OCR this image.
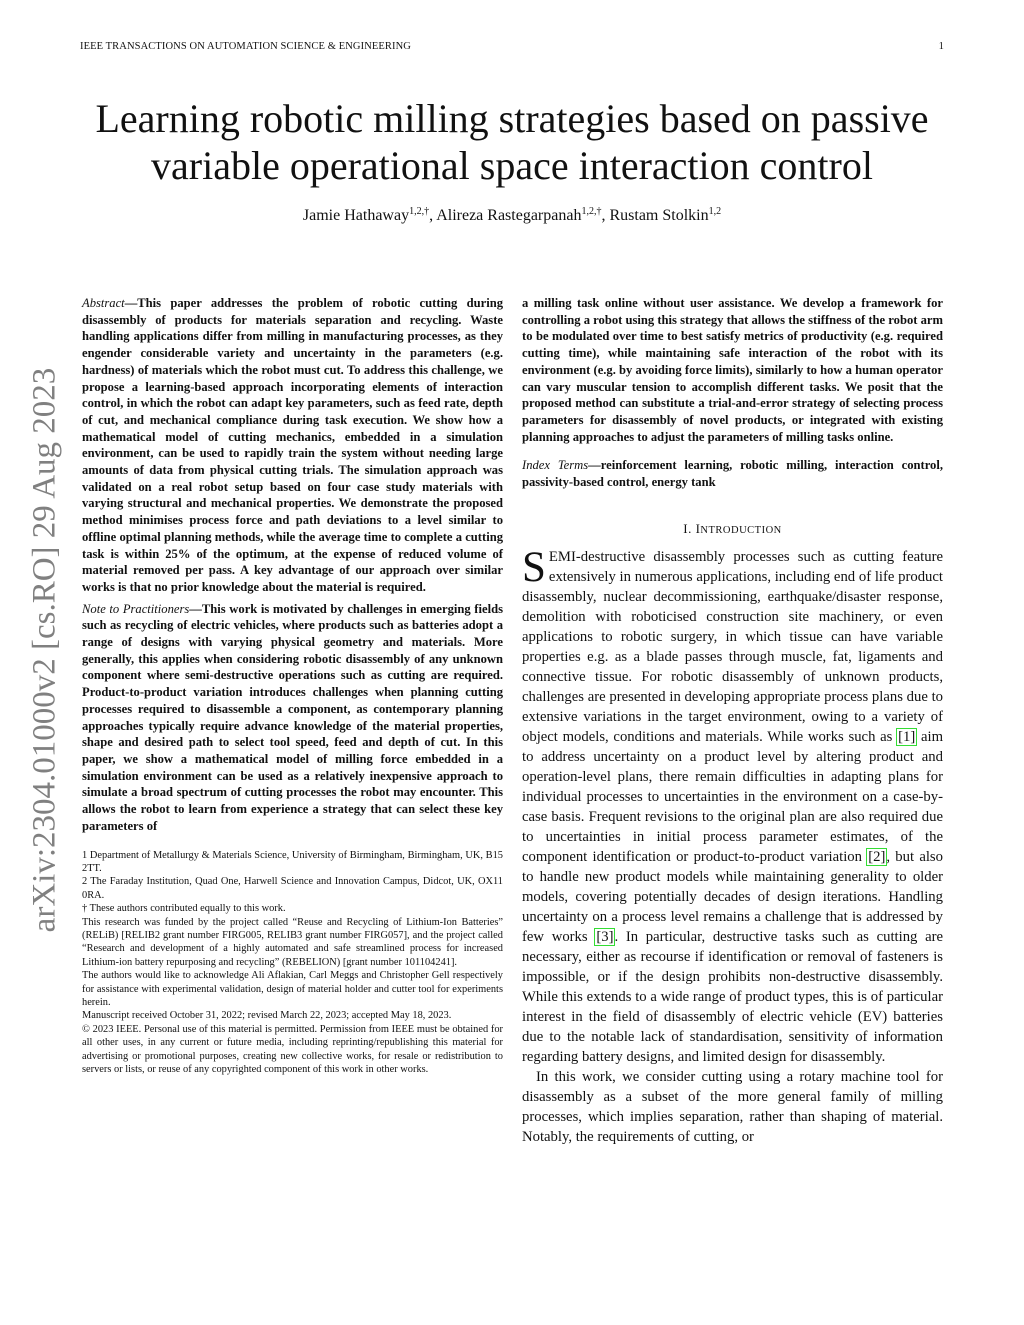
IEEE TRANSACTIONS ON AUTOMATION SCIENCE & ENGINEERING	1
arXiv:2304.01000v2 [cs.RO] 29 Aug 2023
Learning robotic milling strategies based on passive
variable operational space interaction control
Jamie Hathaway$^{1,2,\dagger}$, Alireza Rastegarpanah$^{1,2,\dagger}$, Rustam Stolkin$^{1,2}$

Abstract—This paper addresses the problem of robotic cutting during disassembly of products for materials separation and recycling. Waste handling applications differ from milling in manufacturing processes, as they engender considerable variety and uncertainty in the parameters (e.g. hardness) of materials which the robot must cut. To address this challenge, we propose a learning-based approach incorporating elements of interaction control, in which the robot can adapt key parameters, such as feed rate, depth of cut, and mechanical compliance during task execution. We show how a mathematical model of cutting mechanics, embedded in a simulation environment, can be used to rapidly train the system without needing large amounts of data from physical cutting trials. The simulation approach was validated on a real robot setup based on four case study materials with varying structural and mechanical properties. We demonstrate the proposed method minimises process force and path deviations to a level similar to offline optimal planning methods, while the average time to complete a cutting task is within 25% of the optimum, at the expense of reduced volume of material removed per pass. A key advantage of our approach over similar works is that no prior knowledge about the material is required.

Note to Practitioners—This work is motivated by challenges in emerging fields such as recycling of electric vehicles, where products such as batteries adopt a range of designs with varying physical geometry and materials. More generally, this applies when considering robotic disassembly of any unknown component where semi-destructive operations such as cutting are required. Product-to-product variation introduces challenges when planning cutting processes required to disassemble a component, as contemporary planning approaches typically require advance knowledge of the material properties, shape and desired path to select tool speed, feed and depth of cut. In this paper, we show a mathematical model of milling force embedded in a simulation environment can be used as a relatively inexpensive approach to simulate a broad spectrum of cutting processes the robot may encounter. This allows the robot to learn from experience a strategy that can select these key parameters of

1 Department of Metallurgy & Materials Science, University of Birmingham, Birmingham, UK, B15 2TT.

2 The Faraday Institution, Quad One, Harwell Science and Innovation Campus, Didcot, UK, OX11 0RA.

† These authors contributed equally to this work.

This research was funded by the project called “Reuse and Recycling of Lithium-Ion Batteries” (RELiB) [RELIB2 grant number FIRG005, RELIB3 grant number FIRG057], and the project called “Research and development of a highly automated and safe streamlined process for increased Lithium-ion battery repurposing and recycling” (REBELION) [grant number 101104241].

The authors would like to acknowledge Ali Aflakian, Carl Meggs and Christopher Gell respectively for assistance with experimental validation, design of material holder and cutter tool for experiments herein.

Manuscript received October 31, 2022; revised March 22, 2023; accepted May 18, 2023.

© 2023 IEEE. Personal use of this material is permitted. Permission from IEEE must be obtained for all other uses, in any current or future media, including reprinting/republishing this material for advertising or promotional purposes, creating new collective works, for resale or redistribution to servers or lists, or reuse of any copyrighted component of this work in other works.

a milling task online without user assistance. We develop a framework for controlling a robot using this strategy that allows the stiffness of the robot arm to be modulated over time to best satisfy metrics of productivity (e.g. required cutting time), while maintaining safe interaction of the robot with its environment (e.g. by avoiding force limits), similarly to how a human operator can vary muscular tension to accomplish different tasks. We posit that the proposed method can substitute a trial-and-error strategy of selecting process parameters for disassembly of novel products, or integrated with existing planning approaches to adjust the parameters of milling tasks online.

Index Terms—reinforcement learning, robotic milling, interaction control, passivity-based control, energy tank

I. INTRODUCTION

SEMI-destructive disassembly processes such as cutting feature extensively in numerous applications, including end of life product disassembly, nuclear decommissioning, earthquake/disaster response, demolition with roboticised construction site machinery, or even applications to robotic surgery, in which tissue can have variable properties e.g. as a blade passes through muscle, fat, ligaments and connective tissue. For robotic disassembly of unknown products, challenges are presented in developing appropriate process plans due to extensive variations in the target environment, owing to a variety of object models, conditions and materials. While works such as [1] aim to address uncertainty on a product level by altering product and operation-level plans, there remain difficulties in adapting plans for individual processes to uncertainties in the environment on a case-by-case basis. Frequent revisions to the original plan are also required due to uncertainties in initial process parameter estimates, of the component identification or product-to-product variation [2], but also to handle new product models while maintaining generality to older models, covering potentially decades of design iterations. Handling uncertainty on a process level remains a challenge that is addressed by few works [3]. In particular, destructive tasks such as cutting are necessary, either as recourse if identification or removal of fasteners is impossible, or if the design prohibits non-destructive disassembly. While this extends to a wide range of product types, this is of particular interest in the field of disassembly of electric vehicle (EV) batteries due to the notable lack of standardisation, sensitivity of information regarding battery designs, and limited design for disassembly.

In this work, we consider cutting using a rotary machine tool for disassembly as a subset of the more general family of milling processes, which implies separation, rather than shaping of material. Notably, the requirements of cutting, or
